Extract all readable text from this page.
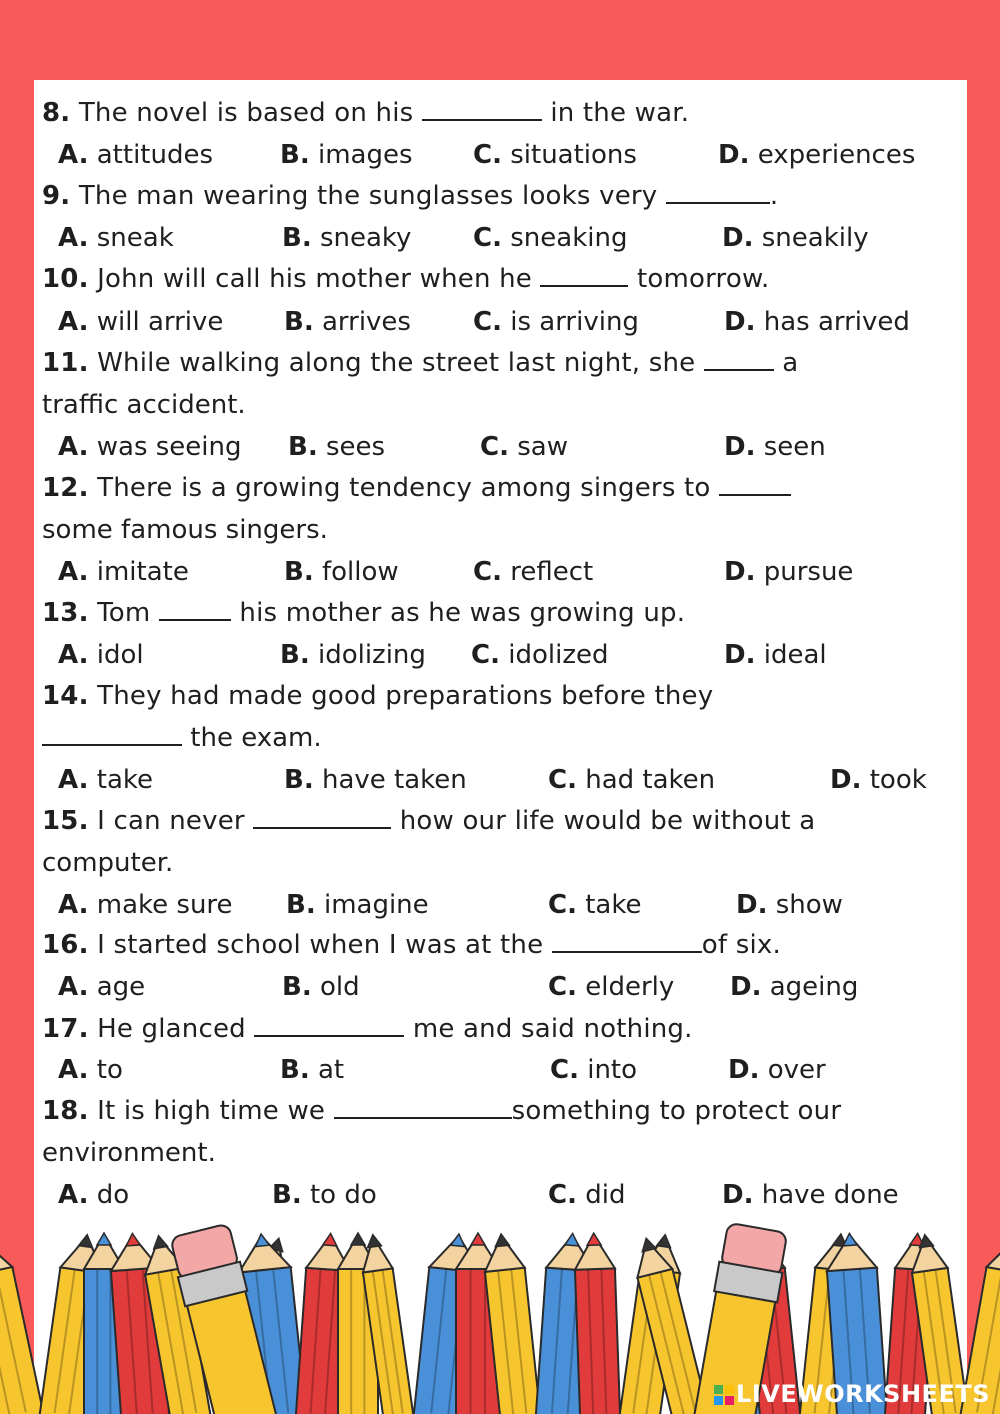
8. The novel is based on his	in the war.
A. attitudes	B. images C. situations	D. experiences
9. The man wearing the sunglasses looks very	.
A. sneak	B. sneaky C. sneaking	D. sneakily
10. John will call his mother when he	tomorrow.
A. will arrive B. arrives C. is arriving	D. has arrived
11. While walking along the street last night, she	a
traffic accident.
A. was seeing B. sees	C. saw	D. seen
12. There is a growing tendency among singers to
some famous singers.
A. imitate	B. follow	C. reflect	D. pursue
13. Tom	his mother as he was growing up.
A. idol	B. idolizing C. idolized	D. ideal
14. They had made good preparations before they
the exam.
A. take	B. have taken	C. had taken	D. took
15. I can never	how our life would be without a
computer.
A. make sure B. imagine	C. take	D. show
16. I started school when I was at the	of six.
A. age	B. old	C. elderly D. ageing
17. He glanced	me and said nothing.
A. to	B. at	C. into	D. over
18. It is high time we	something to protect our
environment.
A. do	B. to do	C. did	D. have done
LIVEWORKSHEETS
